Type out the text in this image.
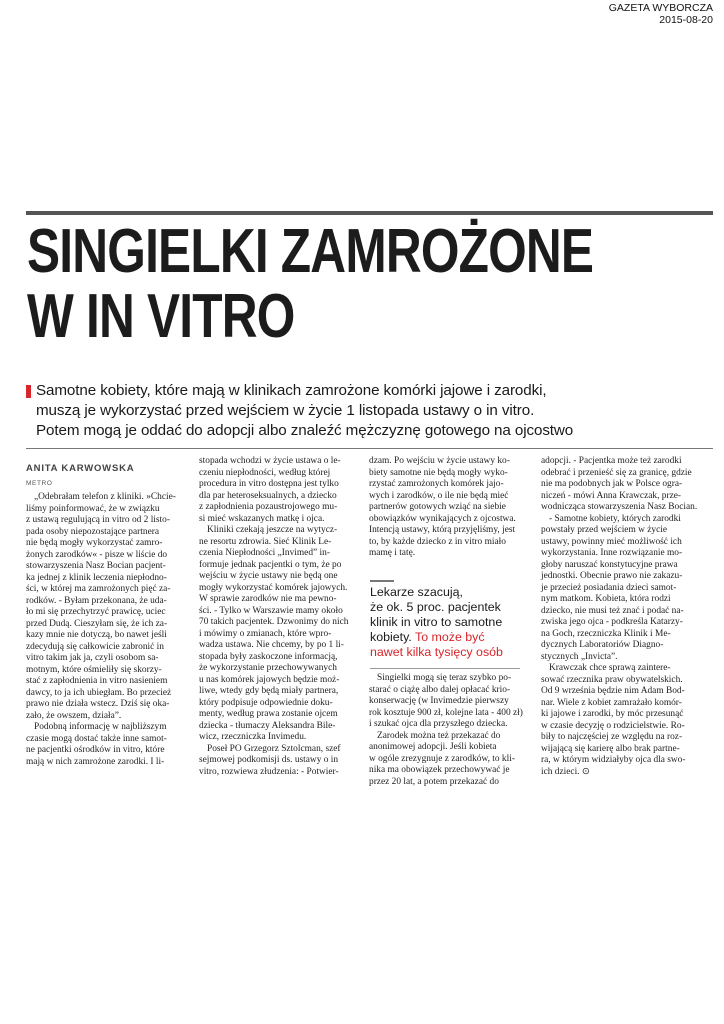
GAZETA WYBORCZA
2015-08-20
SINGIELKI ZAMROŻONE
W IN VITRO
Samotne kobiety, które mają w klinikach zamrożone komórki jajowe i zarodki,
muszą je wykorzystać przed wejściem w życie 1 listopada ustawy o in vitro.
Potem mogą je oddać do adopcji albo znaleźć mężczyznę gotowego na ojcostwo
ANITA KARWOWSKA
METRO
„Odebrałam telefon z kliniki. »Chcie-
liśmy poinformować, że w związku
z ustawą regulującą in vitro od 2 listo-
pada osoby niepozostające partnera
nie będą mogły wykorzystać zamro-
żonych zarodków« - pisze w liście do
stowarzyszenia Nasz Bocian pacjent-
ka jednej z klinik leczenia niepłodno-
ści, w której ma zamrożonych pięć za-
rodków. - Byłam przekonana, że uda-
ło mi się przechytrzyć prawicę, uciec
przed Dudą. Cieszyłam się, że ich za-
kazy mnie nie dotyczą, bo nawet jeśli
zdecydują się całkowicie zabronić in
vitro takim jak ja, czyli osobom sa-
motnym, które ośmieliły się skorzy-
stać z zapłodnienia in vitro nasieniem
dawcy, to ja ich ubiegłam. Bo przecież
prawo nie działa wstecz. Dziś się oka-
zało, że owszem, działa”.
Podobną informację w najbliższym
czasie mogą dostać także inne samot-
ne pacjentki ośrodków in vitro, które
mają w nich zamrożone zarodki. I li-
stopada wchodzi w życie ustawa o le-
czeniu niepłodności, według której
procedura in vitro dostępna jest tylko
dla par heteroseksualnych, a dziecko
z zapłodnienia pozaustrojowego mu-
si mieć wskazanych matkę i ojca.
Kliniki czekają jeszcze na wytycz-
ne resortu zdrowia. Sieć Klinik Le-
czenia Niepłodności „Invimed” in-
formuje jednak pacjentki o tym, że po
wejściu w życie ustawy nie będą one
mogły wykorzystać komórek jajowych.
W sprawie zarodków nie ma pewno-
ści. - Tylko w Warszawie mamy około
70 takich pacjentek. Dzwonimy do nich
i mówimy o zmianach, które wpro-
wadza ustawa. Nie chcemy, by po 1 li-
stopada były zaskoczone informacją,
że wykorzystanie przechowywanych
u nas komórek jajowych będzie moż-
liwe, wtedy gdy będą miały partnera,
który podpisuje odpowiednie doku-
menty, według prawa zostanie ojcem
dziecka - tłumaczy Aleksandra Bile-
wicz, rzeczniczka Invimedu.
Poseł PO Grzegorz Sztolcman, szef
sejmowej podkomisji ds. ustawy o in
vitro, rozwiewa złudzenia: - Potwier-
dzam. Po wejściu w życie ustawy ko-
biety samotne nie będą mogły wyko-
rzystać zamrożonych komórek jajo-
wych i zarodków, o ile nie będą mieć
partnerów gotowych wziąć na siebie
obowiązków wynikających z ojcostwa.
Intencją ustawy, którą przyjęliśmy, jest
to, by każde dziecko z in vitro miało
mamę i tatę.
Lekarze szacują,
że ok. 5 proc. pacjentek
klinik in vitro to samotne
kobiety. To może być
nawet kilka tysięcy osób
Singielki mogą się teraz szybko po-
starać o ciążę albo dalej opłacać krio-
konserwację (w Invimedzie pierwszy
rok kosztuje 900 zł, kolejne lata - 400 zł)
i szukać ojca dla przyszłego dziecka.
Zarodek można też przekazać do
anonimowej adopcji. Jeśli kobieta
w ogóle zrezygnuje z zarodków, to kli-
nika ma obowiązek przechowywać je
przez 20 lat, a potem przekazać do
adopcji. - Pacjentka może też zarodki
odebrać i przenieść się za granicę, gdzie
nie ma podobnych jak w Polsce ogra-
niczeń - mówi Anna Krawczak, prze-
wodnicząca stowarzyszenia Nasz Bocian.
- Samotne kobiety, których zarodki
powstały przed wejściem w życie
ustawy, powinny mieć możliwość ich
wykorzystania. Inne rozwiązanie mo-
głoby naruszać konstytucyjne prawa
jednostki. Obecnie prawo nie zakazu-
je przecież posiadania dzieci samot-
nym matkom. Kobieta, która rodzi
dziecko, nie musi też znać i podać na-
zwiska jego ojca - podkreśla Katarzy-
na Goch, rzeczniczka Klinik i Me-
dycznych Laboratoriów Diagno-
stycznych „Invicta”.
Krawczak chce sprawą zaintere-
sować rzecznika praw obywatelskich.
Od 9 września będzie nim Adam Bod-
nar. Wiele z kobiet zamrażało komór-
ki jajowe i zarodki, by móc przesunąć
w czasie decyzję o rodzicielstwie. Ro-
biły to najczęściej ze względu na roz-
wijającą się karierę albo brak partne-
ra, w którym widziałyby ojca dla swo-
ich dzieci. ⊙
